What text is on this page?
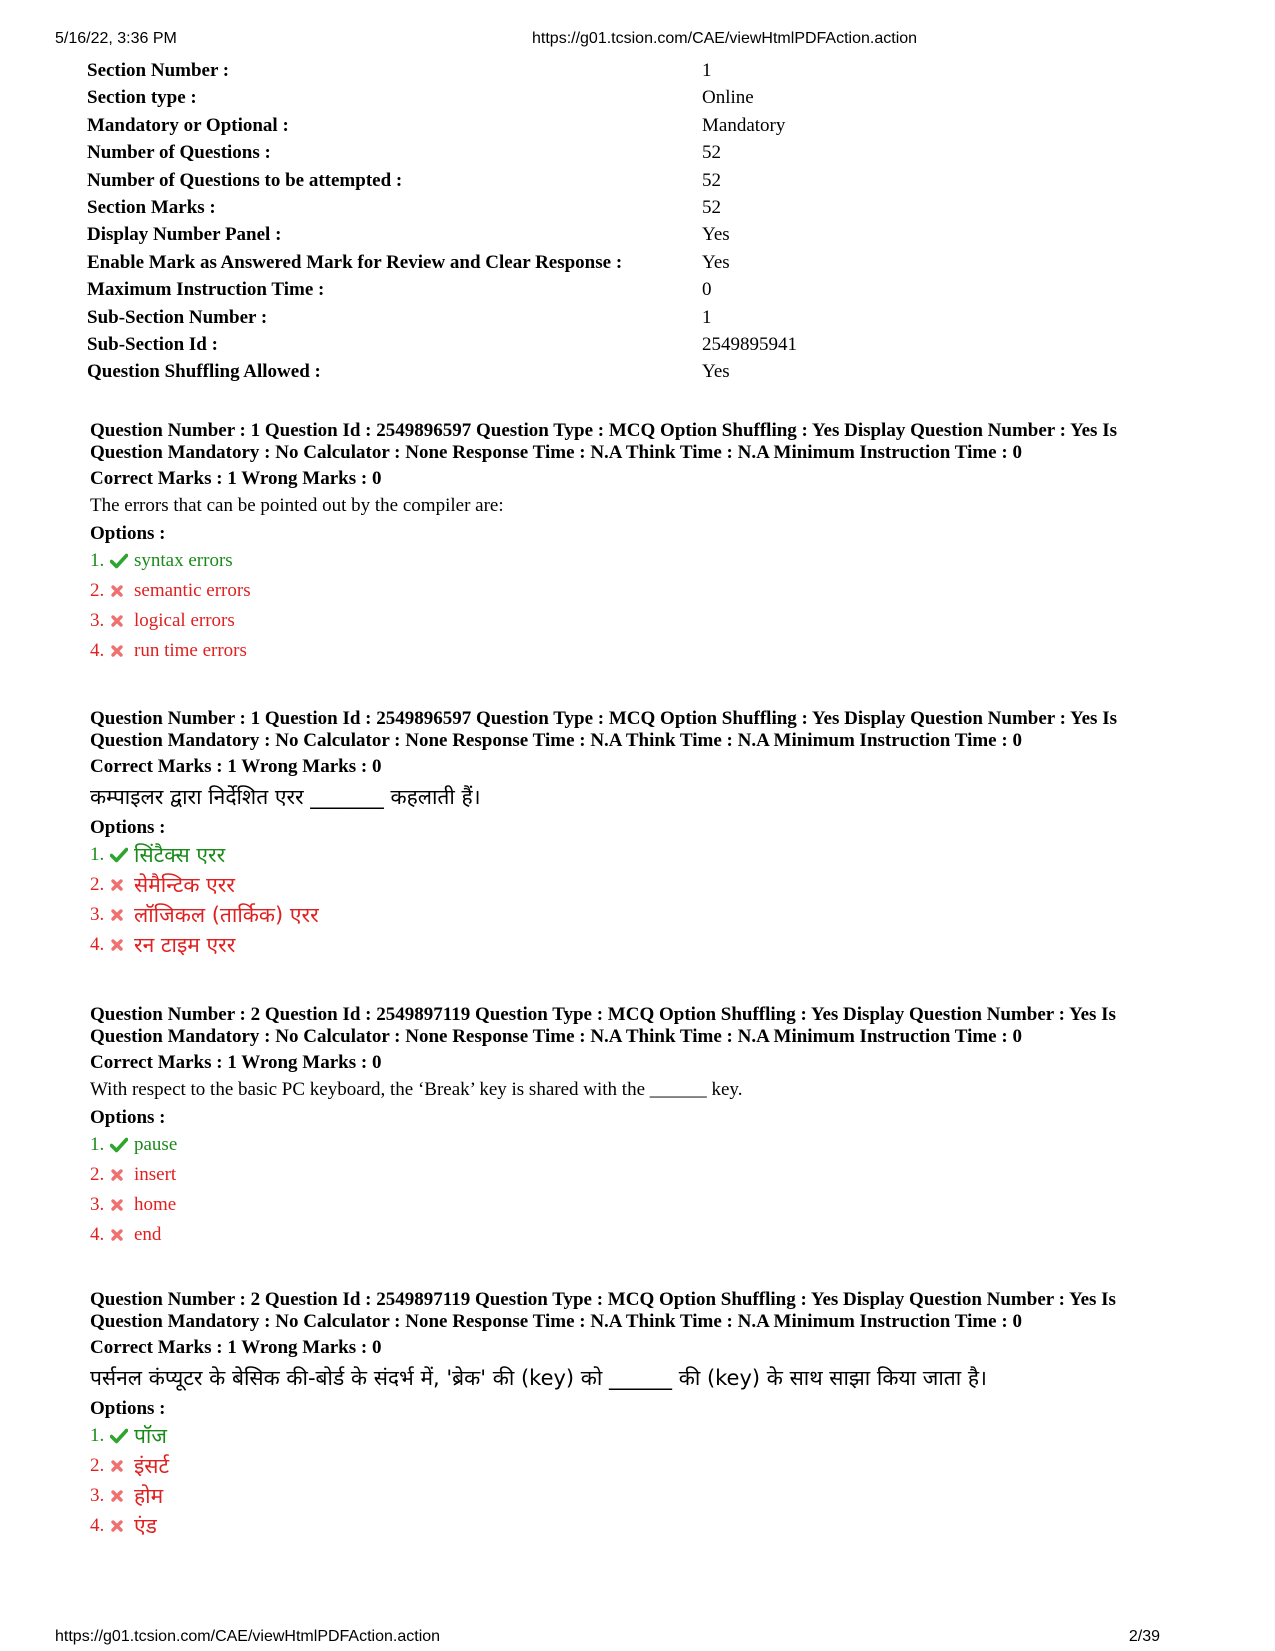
5/16/22, 3:36 PM	https://g01.tcsion.com/CAE/viewHtmlPDFAction.action
Section Number :	1
Section type :	Online
Mandatory or Optional :	Mandatory
Number of Questions :	52
Number of Questions to be attempted :	52
Section Marks :	52
Display Number Panel :	Yes
Enable Mark as Answered Mark for Review and Clear Response :	Yes
Maximum Instruction Time :	0
Sub-Section Number :	1
Sub-Section Id :	2549895941
Question Shuffling Allowed :	Yes
Question Number : 1 Question Id : 2549896597 Question Type : MCQ Option Shuffling : Yes Display Question Number : Yes Is Question Mandatory : No Calculator : None Response Time : N.A Think Time : N.A Minimum Instruction Time : 0
Correct Marks : 1 Wrong Marks : 0
The errors that can be pointed out by the compiler are:
Options :
1.	syntax errors
2.	semantic errors
3.	logical errors
4.	run time errors
Question Number : 1 Question Id : 2549896597 Question Type : MCQ Option Shuffling : Yes Display Question Number : Yes Is Question Mandatory : No Calculator : None Response Time : N.A Think Time : N.A Minimum Instruction Time : 0
Correct Marks : 1 Wrong Marks : 0
कम्पाइलर द्वारा निर्देशित एरर _______ कहलाती हैं।
Options :
1. सिंटैक्स एरर
2. सेमैन्टिक एरर
3. लॉजिकल (तार्किक) एरर
4. रन टाइम एरर
Question Number : 2 Question Id : 2549897119 Question Type : MCQ Option Shuffling : Yes Display Question Number : Yes Is Question Mandatory : No Calculator : None Response Time : N.A Think Time : N.A Minimum Instruction Time : 0
Correct Marks : 1 Wrong Marks : 0
With respect to the basic PC keyboard, the ‘Break’ key is shared with the ______ key.
Options :
1.	pause
2.	insert
3.	home
4.	end
Question Number : 2 Question Id : 2549897119 Question Type : MCQ Option Shuffling : Yes Display Question Number : Yes Is Question Mandatory : No Calculator : None Response Time : N.A Think Time : N.A Minimum Instruction Time : 0
Correct Marks : 1 Wrong Marks : 0
पर्सनल कंप्यूटर के बेसिक की-बोर्ड के संदर्भ में, 'ब्रेक' की (key) को ______ की (key) के साथ साझा किया जाता है।
Options :
1. पॉज
2. इंसर्ट
3. होम
4. एंड
https://g01.tcsion.com/CAE/viewHtmlPDFAction.action	2/39
